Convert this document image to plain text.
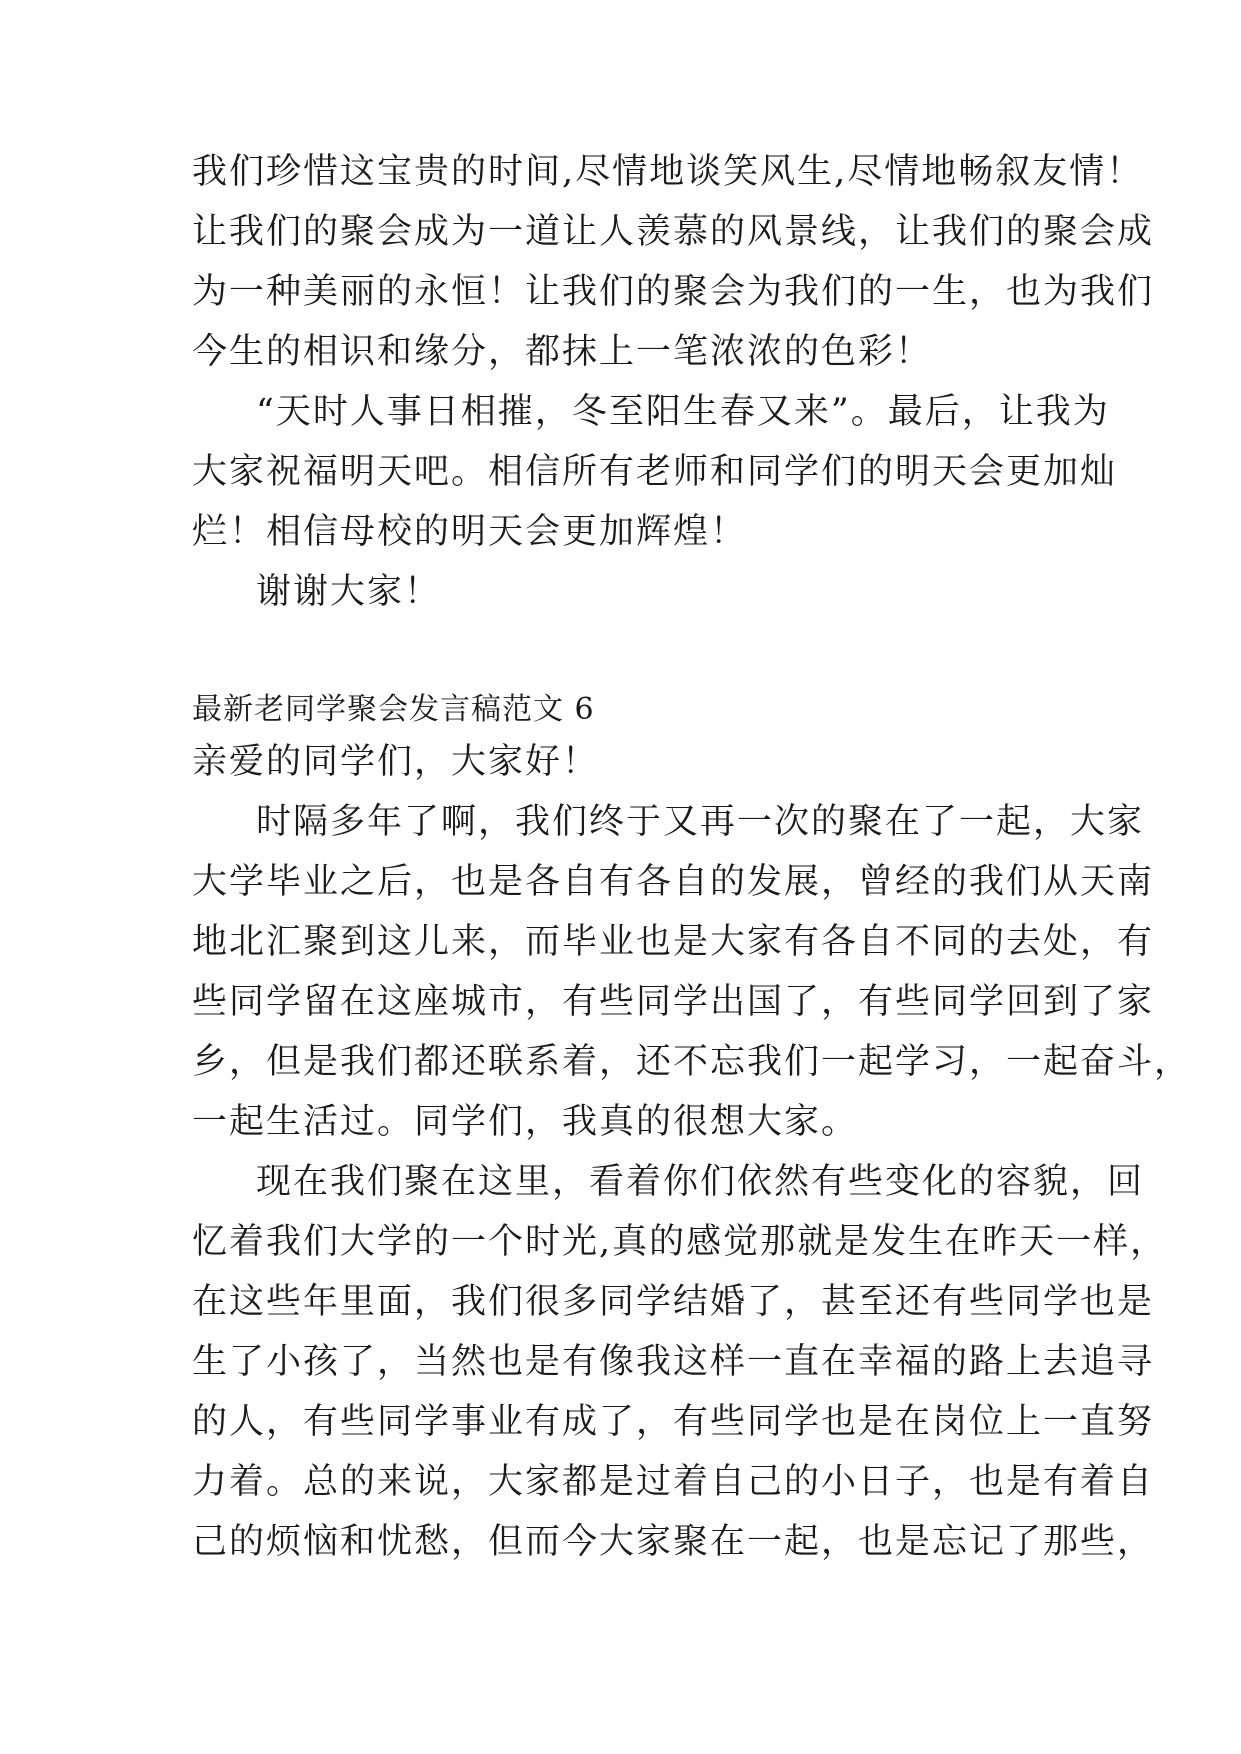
我们珍惜这宝贵的时间,尽情地谈笑风生,尽情地畅叙友情！
让我们的聚会成为一道让人羡慕的风景线，让我们的聚会成
为一种美丽的永恒！让我们的聚会为我们的一生，也为我们
今生的相识和缘分，都抹上一笔浓浓的色彩！
“天时人事日相摧，冬至阳生春又来”。最后，让我为
大家祝福明天吧。相信所有老师和同学们的明天会更加灿
烂！相信母校的明天会更加辉煌！
谢谢大家！
最新老同学聚会发言稿范文 6
亲爱的同学们，大家好！
时隔多年了啊，我们终于又再一次的聚在了一起，大家
大学毕业之后，也是各自有各自的发展，曾经的我们从天南
地北汇聚到这儿来，而毕业也是大家有各自不同的去处，有
些同学留在这座城市，有些同学出国了，有些同学回到了家
乡，但是我们都还联系着，还不忘我们一起学习，一起奋斗，
一起生活过。同学们，我真的很想大家。
现在我们聚在这里，看着你们依然有些变化的容貌，回
忆着我们大学的一个时光,真的感觉那就是发生在昨天一样，
在这些年里面，我们很多同学结婚了，甚至还有些同学也是
生了小孩了，当然也是有像我这样一直在幸福的路上去追寻
的人，有些同学事业有成了，有些同学也是在岗位上一直努
力着。总的来说，大家都是过着自己的小日子，也是有着自
己的烦恼和忧愁，但而今大家聚在一起，也是忘记了那些，
